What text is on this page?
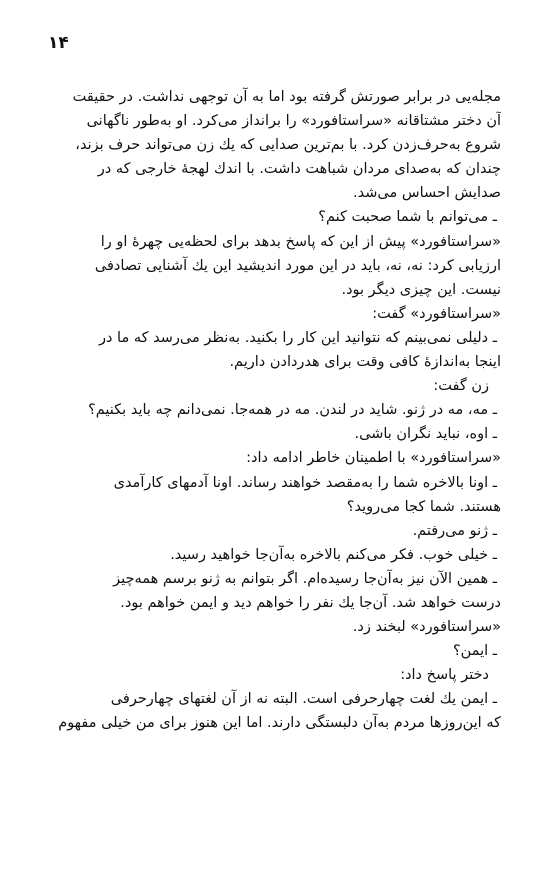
۱۴
مجله‌یی در برابر صورتش گرفته بود اما به آن توجهی نداشت. در حقیقت
آن دختر مشتاقانه «سراستافورد» را برانداز می‌کرد. او به‌طور ناگهانی
شروع به‌حرف‌زدن کرد. با بم‌ترین صدایی که یك زن می‌تواند حرف بزند،
چندان که به‌صدای مردان شباهت داشت. با اندك لهجهٔ خارجی که در
صدایش احساس می‌شد.
ـ می‌توانم با شما صحبت کنم؟
«سراستافورد» پیش از این که پاسخ بدهد برای لحظه‌یی چهرهٔ او را
ارزیابی کرد: نه، نه، باید در این مورد اندیشید این یك آشنایی تصادفی
نیست. این چیزی دیگر بود.
«سراستافورد» گفت:
ـ دلیلی نمی‌بینم که نتوانید این کار را بکنید. به‌نظر می‌رسد که ما در
اینجا به‌اندازهٔ کافی وقت برای هدردادن داریم.
زن گفت:
ـ مه، مه در ژنو. شاید در لندن. مه در همه‌جا. نمی‌دانم چه باید بکنیم؟
ـ اوه، نباید نگران باشی.
«سراستافورد» با اطمینان خاطر ادامه داد:
ـ اونا بالاخره شما را به‌مقصد خواهند رساند. اونا آدمهای کارآمدی
هستند. شما کجا می‌روید؟
ـ ژنو می‌رفتم.
ـ خیلی خوب. فکر می‌کنم بالاخره به‌آن‌جا خواهید رسید.
ـ همین الآن نیز به‌آن‌جا رسیده‌ام. اگر بتوانم به ژنو برسم همه‌چیز
درست خواهد شد. آن‌جا یك نفر را خواهم دید و ایمن خواهم بود.
«سراستافورد» لبخند زد.
ـ ایمن؟
دختر پاسخ داد:
ـ ایمن یك لغت چهارحرفی است. البته نه از آن لغتهای چهارحرفی
که این‌روزها مردم به‌آن دلبستگی دارند. اما این هنوز برای من خیلی مفهوم
